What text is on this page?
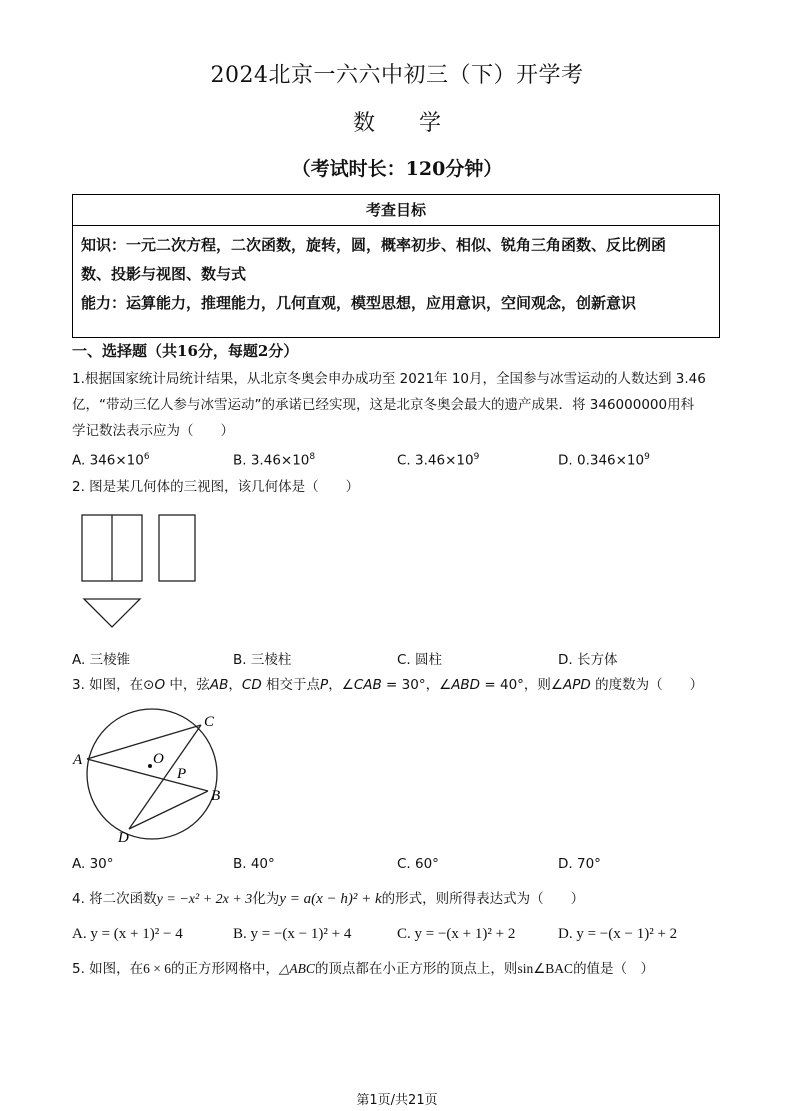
2024北京一六六中初三（下）开学考
数　　学
（考试时长：120分钟）
考查目标
知识：一元二次方程，二次函数，旋转，圆，概率初步、相似、锐角三角函数、反比例函
数、投影与视图、数与式
能力：运算能力，推理能力，几何直观，模型思想，应用意识，空间观念，创新意识
一、选择题（共16分，每题2分）
1.根据国家统计局统计结果，从北京冬奥会申办成功至 2021年 10月，全国参与冰雪运动的人数达到 3.46
亿，“带动三亿人参与冰雪运动”的承诺已经实现，这是北京冬奥会最大的遗产成果．将 346000000用科
学记数法表示应为（　　）
A. $346\times 10^6$	B. $3.46\times 10^8$	C. $3.46\times 10^9$	D. $0.346\times 10^9$
2. 图是某几何体的三视图，该几何体是（　　）
A. 三棱锥	B. 三棱柱	C. 圆柱	D. 长方体
3. 如图，在⊙O 中，弦AB，CD 相交于点P，∠CAB = 30°，∠ABD = 40°，则∠APD 的度数为（　　）
A
C
B
D
O
P
A. 30°	B. 40°	C. 60°	D. 70°
4. 将二次函数y = −x² + 2x + 3化为y = a(x − h)² + k的形式，则所得表达式为（　　）
A. y = (x + 1)² − 4	B. y = −(x − 1)² + 4	C. y = −(x + 1)² + 2	D. y = −(x − 1)² + 2
5. 如图，在6 × 6的正方形网格中，△ABC的顶点都在小正方形的顶点上，则sin∠BAC的值是（　）
第1页/共21页
